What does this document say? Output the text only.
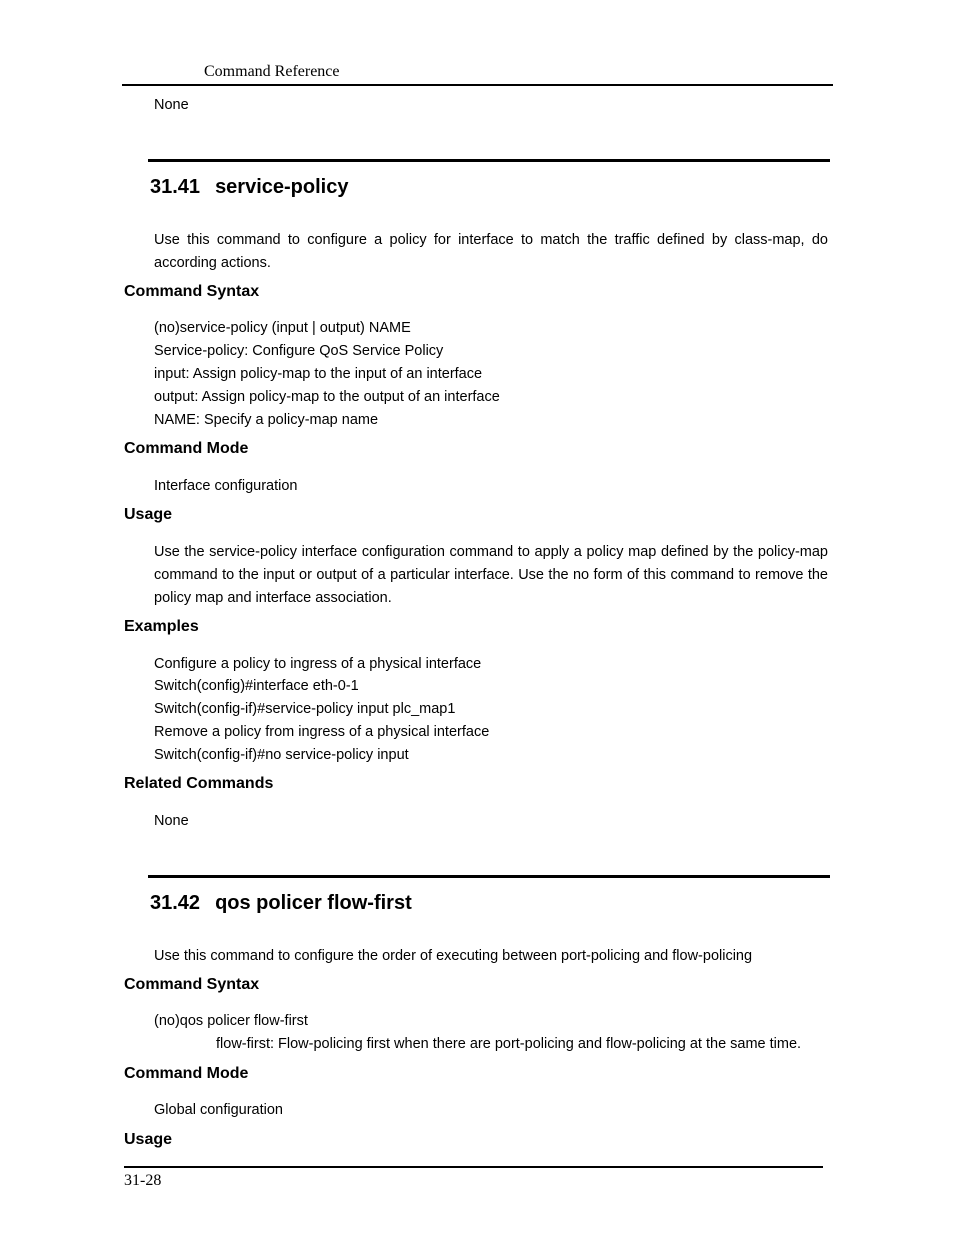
Command Reference
None
31.41 service-policy
Use this command to configure a policy for interface to match the traffic defined by class-map, do according actions.
Command Syntax
(no)service-policy (input | output) NAME
Service-policy: Configure QoS Service Policy
input: Assign policy-map to the input of an interface
output: Assign policy-map to the output of an interface
NAME: Specify a policy-map name
Command Mode
Interface configuration
Usage
Use the service-policy interface configuration command to apply a policy map defined by the policy-map command to the input or output of a particular interface. Use the no form of this command to remove the policy map and interface association.
Examples
Configure a policy to ingress of a physical interface
Switch(config)#interface eth-0-1
Switch(config-if)#service-policy input plc_map1
Remove a policy from ingress of a physical interface
Switch(config-if)#no service-policy input
Related Commands
None
31.42 qos policer flow-first
Use this command to configure the order of executing between port-policing and flow-policing
Command Syntax
(no)qos policer flow-first
flow-first: Flow-policing first when there are port-policing and flow-policing at the same time.
Command Mode
Global configuration
Usage
31-28
